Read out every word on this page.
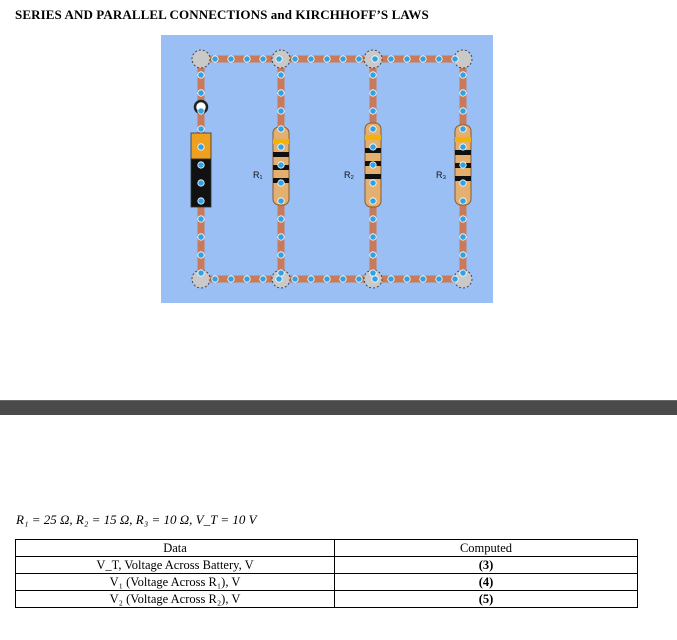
SERIES AND PARALLEL CONNECTIONS and KIRCHHOFF’S LAWS
R₁	R₂	R₃
R₁ = 25 Ω, R₂ = 15 Ω, R₃ = 10 Ω, V_T = 10 V
Data	Computed
V_T, Voltage Across Battery, V	(3)
V₁ (Voltage Across R₁), V	(4)
V₂ (Voltage Across R₂), V	(5)
